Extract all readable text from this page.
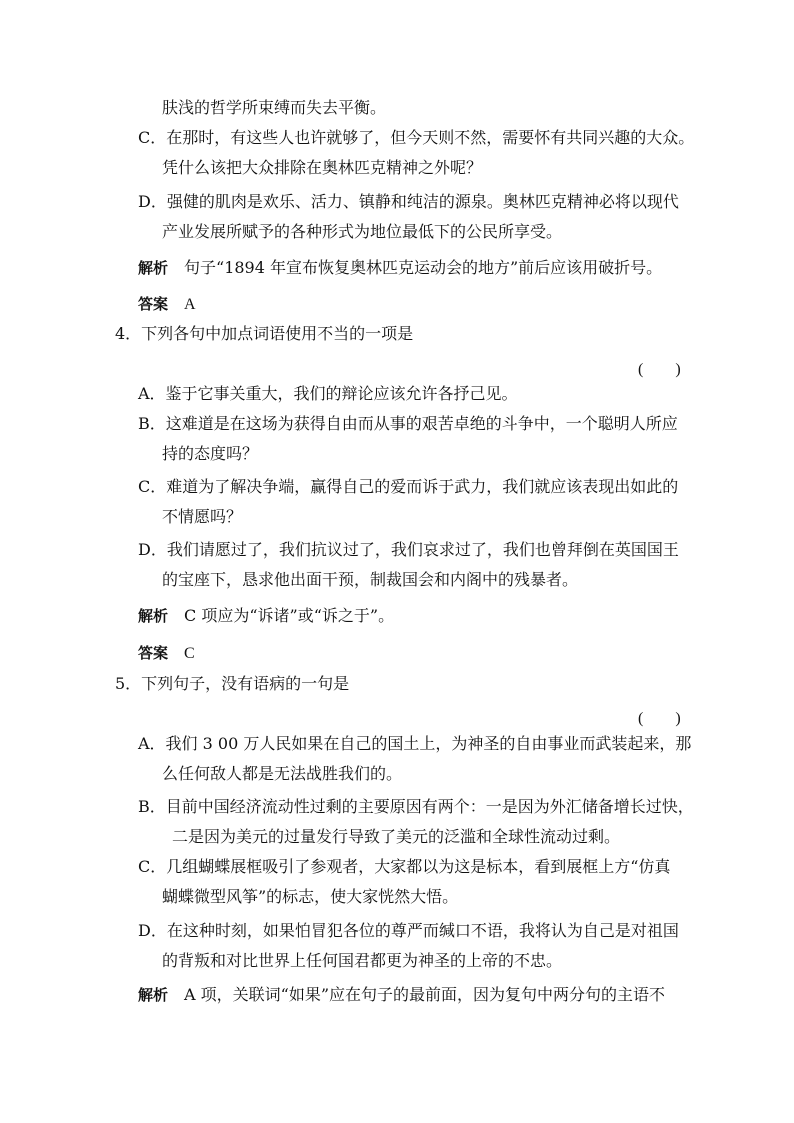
肤浅的哲学所束缚而失去平衡。
C．在那时，有这些人也许就够了，但今天则不然，需要怀有共同兴趣的大众。
凭什么该把大众排除在奥林匹克精神之外呢？
D．强健的肌肉是欢乐、活力、镇静和纯洁的源泉。奥林匹克精神必将以现代
产业发展所赋予的各种形式为地位最低下的公民所享受。
解析 句子“1894 年宣布恢复奥林匹克运动会的地方”前后应该用破折号。
答案 A
4．下列各句中加点词语使用不当的一项是
(　　)
A．鉴于它事关重大，我们的辩论应该允许各抒己见。
B．这难道是在这场为获得自由而从事的艰苦卓绝的斗争中，一个聪明人所应
持的态度吗？
C．难道为了解决争端，赢得自己的爱而诉于武力，我们就应该表现出如此的
不情愿吗？
D．我们请愿过了，我们抗议过了，我们哀求过了，我们也曾拜倒在英国国王
的宝座下，恳求他出面干预，制裁国会和内阁中的残暴者。
解析 C 项应为“诉诸”或“诉之于”。
答案 C
5．下列句子，没有语病的一句是
(　　)
A．我们 3 00 万人民如果在自己的国土上，为神圣的自由事业而武装起来，那
么任何敌人都是无法战胜我们的。
B．目前中国经济流动性过剩的主要原因有两个：一是因为外汇储备增长过快，
二是因为美元的过量发行导致了美元的泛滥和全球性流动过剩。
C．几组蝴蝶展框吸引了参观者，大家都以为这是标本，看到展框上方“仿真
蝴蝶微型风筝”的标志，使大家恍然大悟。
D．在这种时刻，如果怕冒犯各位的尊严而缄口不语，我将认为自己是对祖国
的背叛和对比世界上任何国君都更为神圣的上帝的不忠。
解析 A 项，关联词“如果”应在句子的最前面，因为复句中两分句的主语不
